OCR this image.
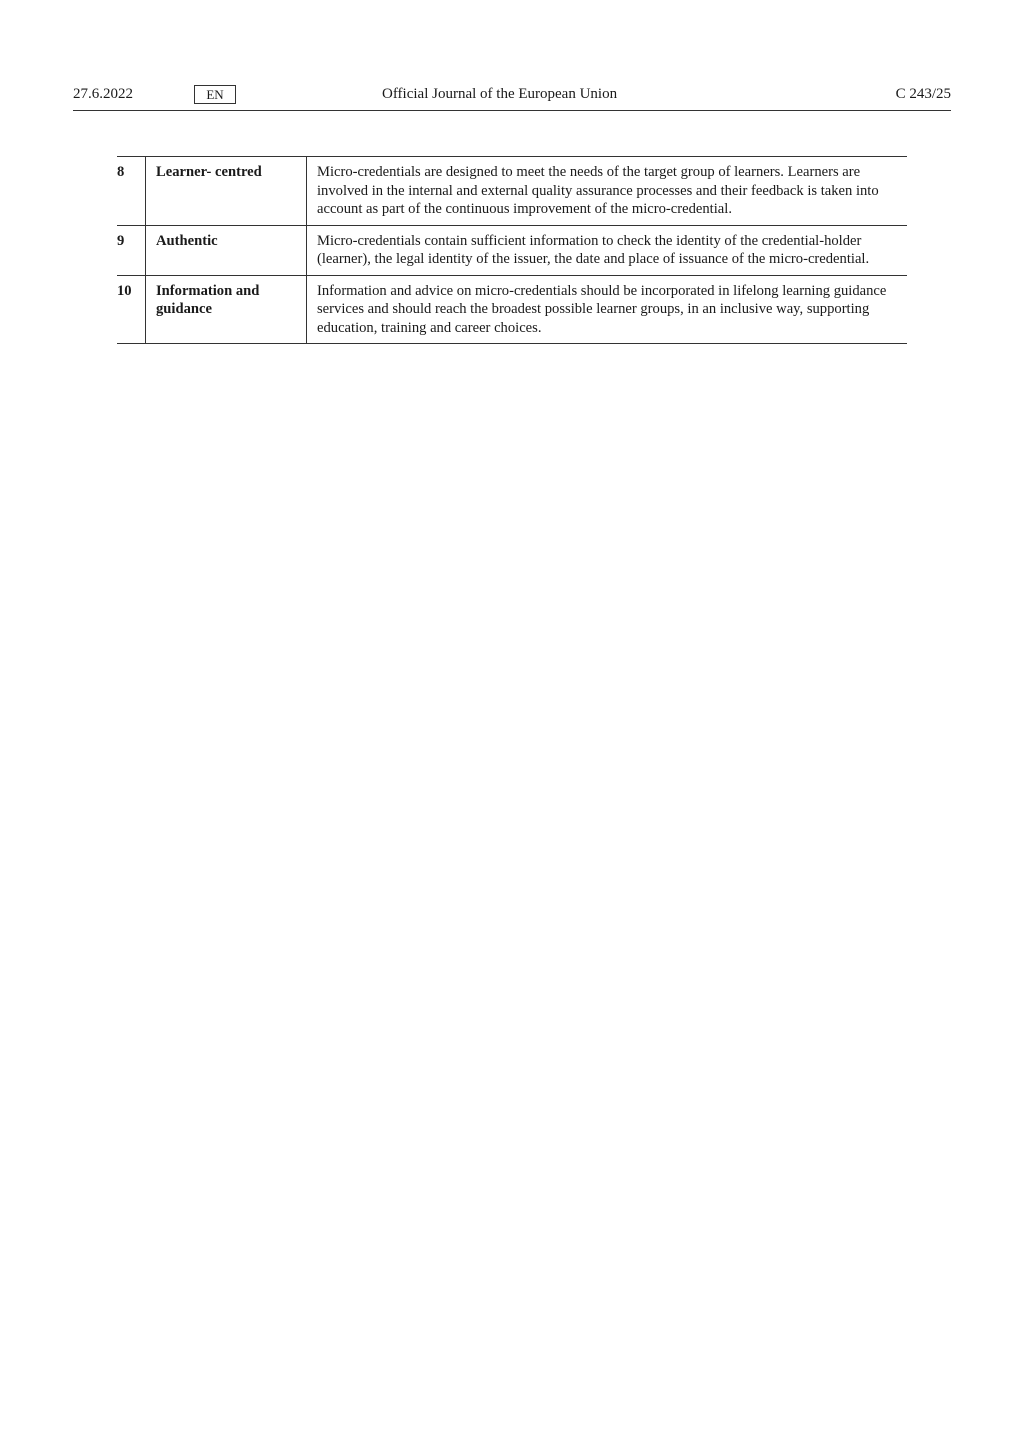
27.6.2022	EN	Official Journal of the European Union	C 243/25
8	Learner- centred	Micro-credentials are designed to meet the needs of the target group of learners. Learners are involved in the internal and external quality assurance processes and their feedback is taken into account as part of the continuous improvement of the micro-credential.
9	Authentic	Micro-credentials contain sufficient information to check the identity of the credential-holder (learner), the legal identity of the issuer, the date and place of issuance of the micro-credential.
10	Information and guidance	Information and advice on micro-credentials should be incorporated in lifelong learning guidance services and should reach the broadest possible learner groups, in an inclusive way, supporting education, training and career choices.
